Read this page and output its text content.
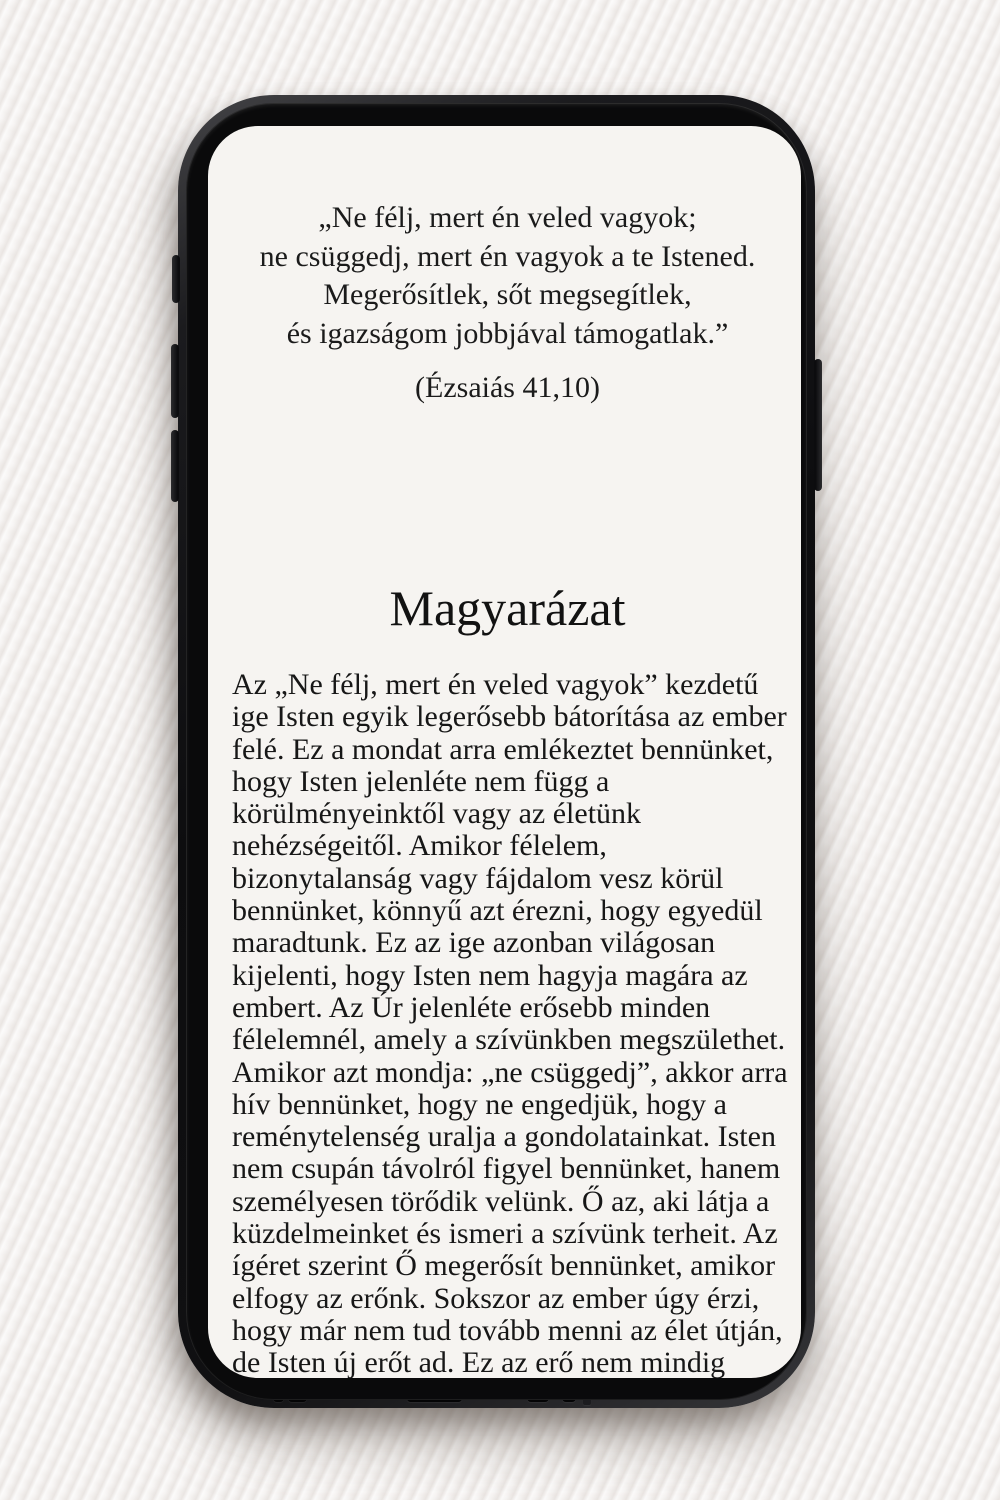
„Ne félj, mert én veled vagyok;
ne csüggedj, mert én vagyok a te Istened.
Megerősítlek, sőt megsegítlek,
és igazságom jobbjával támogatlak.”
(Ézsaiás 41,10)
Magyarázat
Az „Ne félj, mert én veled vagyok” kezdetű
ige Isten egyik legerősebb bátorítása az ember
felé. Ez a mondat arra emlékeztet bennünket,
hogy Isten jelenléte nem függ a
körülményeinktől vagy az életünk
nehézségeitől. Amikor félelem,
bizonytalanság vagy fájdalom vesz körül
bennünket, könnyű azt érezni, hogy egyedül
maradtunk. Ez az ige azonban világosan
kijelenti, hogy Isten nem hagyja magára az
embert. Az Úr jelenléte erősebb minden
félelemnél, amely a szívünkben megszülethet.
Amikor azt mondja: „ne csüggedj”, akkor arra
hív bennünket, hogy ne engedjük, hogy a
reménytelenség uralja a gondolatainkat. Isten
nem csupán távolról figyel bennünket, hanem
személyesen törődik velünk. Ő az, aki látja a
küzdelmeinket és ismeri a szívünk terheit. Az
ígéret szerint Ő megerősít bennünket, amikor
elfogy az erőnk. Sokszor az ember úgy érzi,
hogy már nem tud tovább menni az élet útján,
de Isten új erőt ad. Ez az erő nem mindig
